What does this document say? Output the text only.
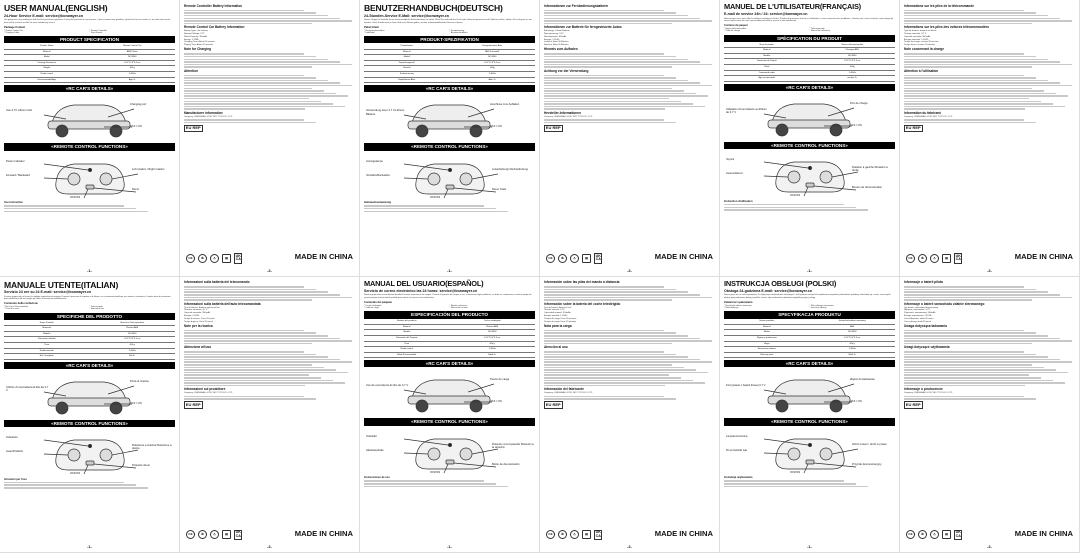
USER MANUAL(ENGLISH)
24-Hour Service E-mail: service@bonwayer.cn
Our group aims at providing you with the best purchase experience. During the purchase or use process, if you encounter any problems, please feel free to contact us, our after-sale service team will try our best to offer the most satisfactory service.
Package Content
* Remote Control Car	* Remote Controller
* Charging Cable	* User Manual
PRODUCT SPECIFICATION
Product Name	Remote Control Car
Material	ABS Plastic
Model	NO.8360
Package Dimension	14.1*12.4*3.4 cm
Weight	400 g
Radio control	2.4GHz
Recommended Age	Age 3+
«RC CAR'S DETAILS»
Use 3.7V Lithium Cell
Charging port
OFF / ON
«REMOTE CONTROL FUNCTIONS»
Power Indicator
Forward / Backward
Left rotation / Right rotation
OFF/ON
Demo
Use Instruction
-1-
Remote Controller Battery Information
Remote Control Car Battery Information
Battery Type: Lion battery
Nominal Voltage: 3.7V
Rated Capacity: 300mAh
Energy: 1.11Wh
Charging Time: About 90 minutes
Playing Time: About 20 minutes
Note for Charging
Attention
Manufacturer information
Company: CHENGHAI LUCKY BOY TOYS CO.,LTD
EU REP
CE	♻	⚠	▤	UK
CA	MADE IN CHINA
-2-
BENUTZERHANDBUCH(DEUTSCH)
24-Stunden-Service E-Mail: service@bonwayer.cn
Unsere Gruppe ist bestrebt, Ihnen das bestmögliche Einkaufserlebnis zu bieten. Wenn Sie während des Kaufs oder Gebrauchsprozesses auf Probleme stoßen, können Sie sich gerne an uns wenden. Unser Kundenservice-Team wird unser Bestes geben, um den zufriedenstellendsten Service zu bieten.
Paket Inhalt
* Ferngesteuertes Auto	* Fernbedienung
* Ladekabel	* Benutzerhandbuch
PRODUKT-SPEZIFIKATION
Produktname	Ferngesteuertes Auto
Material	ABS Kunststoff
Modell	NO.8360
Verpackungsmaß	14.1*12.4*3.4 cm
Gewicht	400g
Funksteuerung	2.4GHz
Empfohlenes Alter	Alter 3+
«RC CAR'S DETAILS»
Verwendung einer 3,7 V-Lithium-Batterie
Anschluss zum Aufladen
OFF / ON
«REMOTE CONTROL FUNCTIONS»
Anzeigelampe
Vorwärts/Rückwärts
Linksdrehung/ Rechtsdrehung
OFF/ON
Demo Taste
Gebrauchsanweisung
-1-
Informationen zur Fernbedienungsbatterie
Informationen zur Batterie für ferngesteuerte Autos
Batterietyp: Lithium-Batterie
Nennspannung: 3,7V
Nennkapazität: 300mAh
Energie: 1,11Wh
Ladezeit: Etwa 90 Minuten
Spielzeit: Etwa 20 Minuten
Hinweis zum Aufladen
Achtung vor der Verwendung
Hersteller-Informationen
Company: CHENGHAI LUCKY BOY TOYS CO.,LTD
EU REP
CE	♻	⚠	▤	UK
CA	MADE IN CHINA
-2-
MANUEL DE L'UTILISATEUR(FRANÇAIS)
E-mail de service 24h / 24: service@bonwayer.cn
Notre groupe vise à vous offrir la meilleure expérience d'achat. Pendant le processus d'achat ou d'utilisation, si vous rencontrez des problèmes, n'hésitez pas à nous contacter, notre équipe de service après-vente fera tout son possible pour offrir le service le plus satisfaisant.
Contenu du paquet
* Voiture télécommandée	* Télécommande
* Câble de charge	* Manuel de l'utilisateur
SPÉCIFICATION DU PRODUIT
Nom du produit	Voiture télécommandée
Matériel	Plastique ABS
Modèle	NO.8360
Dimension du Paquet	14.1*12.4*3.4 cm
Poids	400g
Commande radio	2.4GHz
Âge recommandé	années 3+
«RC CAR'S DETAILS»
Utilisation d'une batterie au lithium de 3,7 V
Port de charge
OFF / ON
«REMOTE CONTROL FUNCTIONS»
Voyant
Avance/Recul
Rotation à gauche /Rotation à droite
OFF/ON
Bouton de démonstration
Instruction d'utilisation
-1-
Informations sur les piles de la télécommande
Informations sur les piles des voitures télécommandées
Type de batterie: batterie au lithium
Tension nominale: 3,7 V
Capacité nominale: 300mAh
Énergie nominale: 1,11Wh
Temps de charge: environ 90 minutes
Temps de jeu: environ 20 minutes
Note concernant la charge
Attention à l'utilisation
Information du fabricant
Company: CHENGHAI LUCKY BOY TOYS CO.,LTD
EU REP
CE	♻	⚠	▤	UK
CA	MADE IN CHINA
-2-
MANUALE UTENTE(ITALIAN)
Servizio 24 ore su 24 E-mail: service@bonwayer.cn
Il nostro gruppo mira a fornirvi la migliore esperienza di acquisto. Durante il processo di acquisto o di utilizzo, se si incontrano problemi, non esitate a contattarci, il nostro team di assistenza post-vendita farà del suo meglio per offrire il servizio più soddisfacente.
Contenuto della confezione
* Macchina Telecomandata	* Telecomando
* Cavo di ricarica	* Manuale d'uso
SPECIFICHE DEL PRODOTTO
Nome Prodotto	Macchina Telecomandata
Materiale	Plastica ABS
Modello	NO.8360
Dimensioni imballo	14.1*12.4*3.4 cm
Peso	400 g
Radiocomando	2.4GHz
Età Consigliata	Età 3+
«RC CAR'S DETAILS»
Utilizzo di una batteria al litio da 3,7 V
Porta di ricarica
OFF / ON
«REMOTE CONTROL FUNCTIONS»
Indicatore
Avanti/Indietro
Rotazione a sinistra/ Rotazione a destra
OFF/ON
Pulsante demo
Istruzioni per l'uso
-1-
Informazioni sulla batteria del telecomando
Informazioni sulla batteria dell'auto telecomandata
Tipo di batteria: Batteria agli ioni di litio
Tensione nominale: 3,7 V
Capacità nominale: 300mAh
Energia: 1,11Wh
Tempo di ricarica: Circa 90 minuti
Tempo di gioco: Circa 20 minuti
Note per la ricarica
Attenzione all'uso
Informazioni sul produttore
Company: CHENGHAI LUCKY BOY TOYS CO.,LTD
EU REP
CE	♻	⚠	▤	UK
CA	MADE IN CHINA
-2-
MANUAL DEL USUARIO(ESPAÑOL)
Servicio de correo electrónico las 24 horas: service@bonwayer.cn
Nuestro grupo tiene como objetivo brindarle la mejor experiencia de compra. Durante el proceso de compra o uso, si encuentra algún problema, no dude en contactarnos, nuestro equipo de servicio posventa hará todo lo posible para ofrecer el servicio más satisfactorio.
Contenido del paquete
* Coche teledirigido	* Mando a distancia
* Cable de carga	* Manual del usuario
ESPECIFICACIÓN DEL PRODUCTO
Nombre del producto	Coche teledirigido
Material	Plástico ABS
Modelo	NO.8360
Dimensión del Paquete	14.1*12.4*3.4 cm
Peso	400 g
Radio control	2.4GHz
Edad Recomendada	Edad 3+
«RC CAR'S DETAILS»
Uso de una batería de litio de 3,7 V
Puerto de carga
OFF / ON
«REMOTE CONTROL FUNCTIONS»
Indicador
Adelante/Atrás
Rotación a la izquierda/ Rotación a la derecha
OFF/ON
Botón de demostración
Instrucciones de uso
-1-
Información sobre las pilas del mando a distancia
Información sobre la batería del coche teledirigido
Tipo de batería: Batería Li-ion
Tensión nominal: 3,7V
Capacidad nominal: 300mAh
Energía nominal: 1,11Wh
Tiempo de carga: Unos 90 minutos
Tiempo de juego: Unos 20 minutos
Nota para la carga
Atención al uso
Información del fabricante
Company: CHENGHAI LUCKY BOY TOYS CO.,LTD
EU REP
CE	♻	⚠	▤	UK
CA	MADE IN CHINA
-2-
INSTRUKCJA OBSŁUGI (POLSKI)
Obsługa 24-godzinna E-mail: service@bonwayer.cn
Nasza grupa ma na celu zapewnienie Ci najlepszych doświadczeń zakupowych. Jeśli podczas zakupu lub użytkowania napotkasz jakiekolwiek problemy, skontaktuj się z nami, nasz zespół obsługi posprzedażowej dołoży wszelkich starań, aby zaoferować najbardziej satysfakcjonującą usługę.
Zawartość opakowania
* Samochód zdalnie sterowany	* Pilot zdalnego sterowania
* Kabel ładujący	* Instrukcja obsługi
SPECYFIKACJA PRODUKTU
Nazwa produktu	Samochód zdalnie sterowany
Materiał	ABS
Model	NO.8360
Wymiary opakowania	14.1*12.4*3.4 cm
Waga	400 g
Sterowanie radiowe	2.4GHz
Zalecany wiek	Wiek 3+
«RC CAR'S DETAILS»
Korzystanie z baterii litowej 3,7 V
Złącze do ładowania
OFF / ON
«REMOTE CONTROL FUNCTIONS»
Lampka kontrolna
Do przodu/do tyłu
Obrót w lewo / obrót w prawo
OFF/ON
Przycisk demonstracyjny
Instrukcja użytkowania
-1-
Informacje o baterii pilota
Informacje o baterii samochodu zdalnie sterowanego
Typ baterii: akumulator litowo-jonowy
Napięcie znamionowe: 3,7V
Pojemność znamionowa: 300mAh
Energia znamionowa: 1,11Wh
Czas ładowania: około 90 minut
Czas zabawy: około 20 minut
Uwaga dotycząca ładowania
Uwagi dotyczące użytkowania
Informacje o producencie
Company: CHENGHAI LUCKY BOY TOYS CO.,LTD
EU REP
CE	♻	⚠	▤	UK
CA	MADE IN CHINA
-2-
